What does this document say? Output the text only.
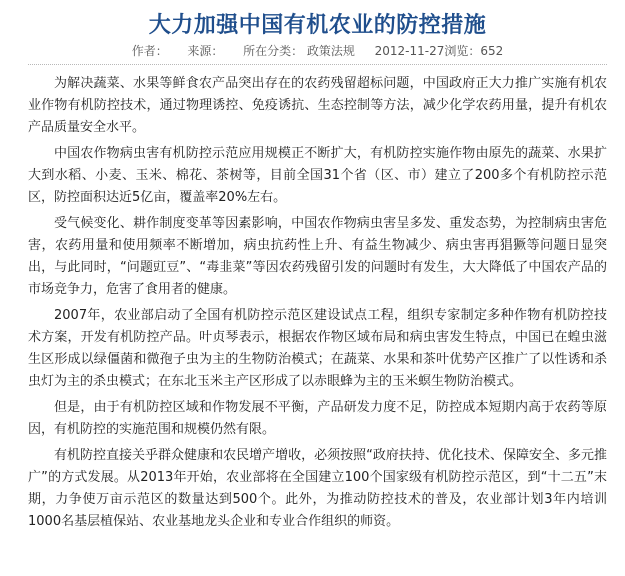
大力加强中国有机农业的防控措施
作者： 来源： 所在分类： 政策法规 2012-11-27浏览：652

为解决蔬菜、水果等鲜食农产品突出存在的农药残留超标问题，中国政府正大力推广实施有机农业作物有机防控技术，通过物理诱控、免疫诱抗、生态控制等方法，减少化学农药用量，提升有机农产品质量安全水平。

中国农作物病虫害有机防控示范应用规模正不断扩大，有机防控实施作物由原先的蔬菜、水果扩大到水稻、小麦、玉米、棉花、茶树等，目前全国31个省（区、市）建立了200多个有机防控示范区，防控面积达近5亿亩，覆盖率20%左右。

受气候变化、耕作制度变革等因素影响，中国农作物病虫害呈多发、重发态势，为控制病虫害危害，农药用量和使用频率不断增加，病虫抗药性上升、有益生物减少、病虫害再猖獗等问题日显突出，与此同时，“问题豇豆”、“毒韭菜”等因农药残留引发的问题时有发生，大大降低了中国农产品的市场竞争力，危害了食用者的健康。

2007年，农业部启动了全国有机防控示范区建设试点工程，组织专家制定多种作物有机防控技术方案，开发有机防控产品。叶贞琴表示，根据农作物区域布局和病虫害发生特点，中国已在蝗虫滋生区形成以绿僵菌和微孢子虫为主的生物防治模式；在蔬菜、水果和茶叶优势产区推广了以性诱和杀虫灯为主的杀虫模式；在东北玉米主产区形成了以赤眼蜂为主的玉米螟生物防治模式。

但是，由于有机防控区域和作物发展不平衡，产品研发力度不足，防控成本短期内高于农药等原因，有机防控的实施范围和规模仍然有限。

有机防控直接关乎群众健康和农民增产增收，必须按照“政府扶持、优化技术、保障安全、多元推广”的方式发展。从2013年开始，农业部将在全国建立100个国家级有机防控示范区，到“十二五”末期，力争使万亩示范区的数量达到500个。此外，为推动防控技术的普及，农业部计划3年内培训1000名基层植保站、农业基地龙头企业和专业合作组织的师资。
